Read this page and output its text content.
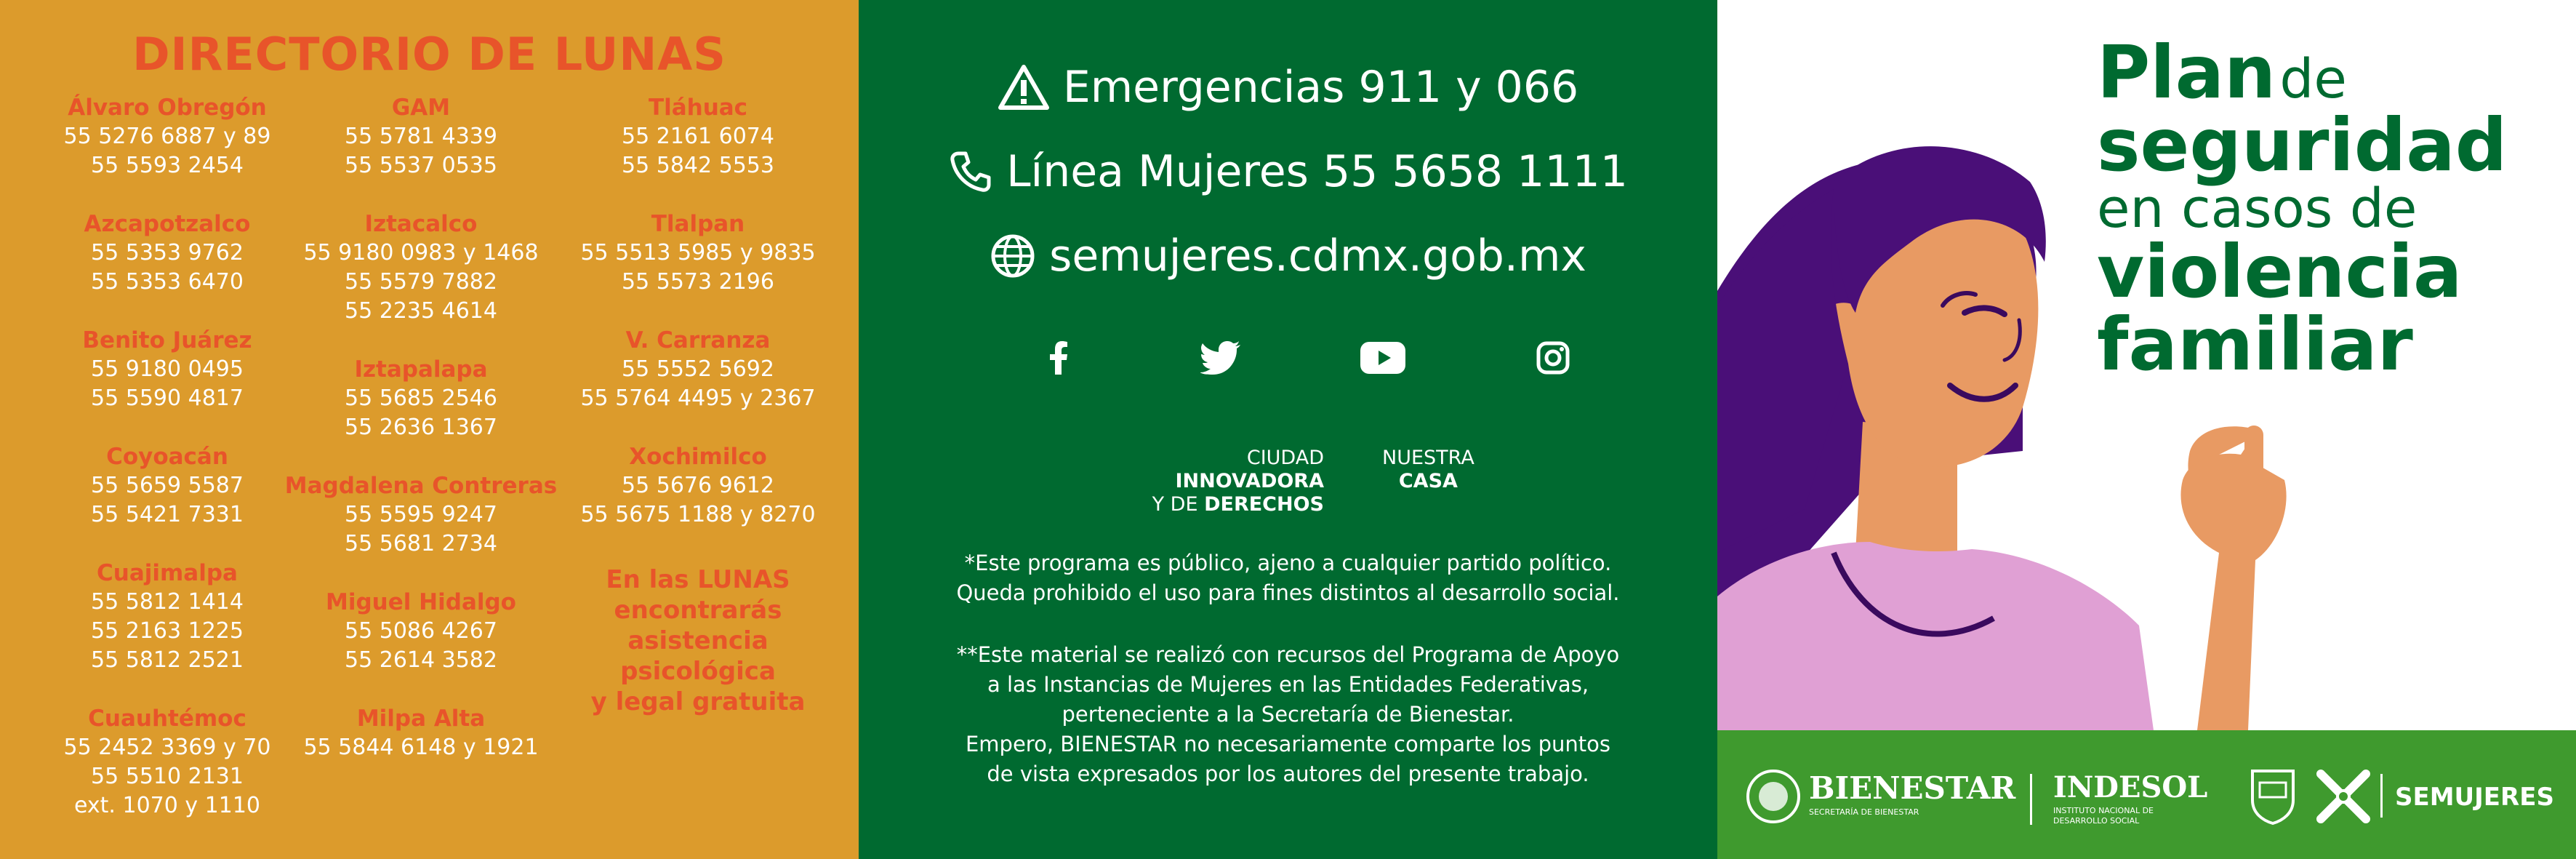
DIRECTORIO DE LUNAS
Álvaro Obregón
55 5276 6887 y 89
55 5593 2454
Azcapotzalco
55 5353 9762
55 5353 6470
Benito Juárez
55 9180 0495
55 5590 4817
Coyoacán
55 5659 5587
55 5421 7331
Cuajimalpa
55 5812 1414
55 2163 1225
55 5812 2521
Cuauhtémoc
55 2452 3369 y 70
55 5510 2131
ext. 1070 y 1110
GAM
55 5781 4339
55 5537 0535
Iztacalco
55 9180 0983 y 1468
55 5579 7882
55 2235 4614
Iztapalapa
55 5685 2546
55 2636 1367
Magdalena Contreras
55 5595 9247
55 5681 2734
Miguel Hidalgo
55 5086 4267
55 2614 3582
Milpa Alta
55 5844 6148 y 1921
Tláhuac
55 2161 6074
55 5842 5553
Tlalpan
55 5513 5985 y 9835
55 5573 2196
V. Carranza
55 5552 5692
55 5764 4495 y 2367
Xochimilco
55 5676 9612
55 5675 1188 y 8270
En las LUNAS
encontrarás
asistencia
psicológica
y legal gratuita
Emergencias 911 y 066
Línea Mujeres 55 5658 1111
semujeres.cdmx.gob.mx
CIUDAD INNOVADORA
Y DE DERECHOS
NUESTRA
CASA
*Este programa es público, ajeno a cualquier partido político.
Queda prohibido el uso para fines distintos al desarrollo social.
**Este material se realizó con recursos del Programa de Apoyo
a las Instancias de Mujeres en las Entidades Federativas,
perteneciente a la Secretaría de Bienestar.
Empero, BIENESTAR no necesariamente comparte los puntos
de vista expresados por los autores del presente trabajo.
Plan de
seguridad
en casos de
violencia
familiar
BIENESTAR
SECRETARÍA DE BIENESTAR
INDESOL
INSTITUTO NACIONAL DE
DESARROLLO SOCIAL
SEMUJERES
